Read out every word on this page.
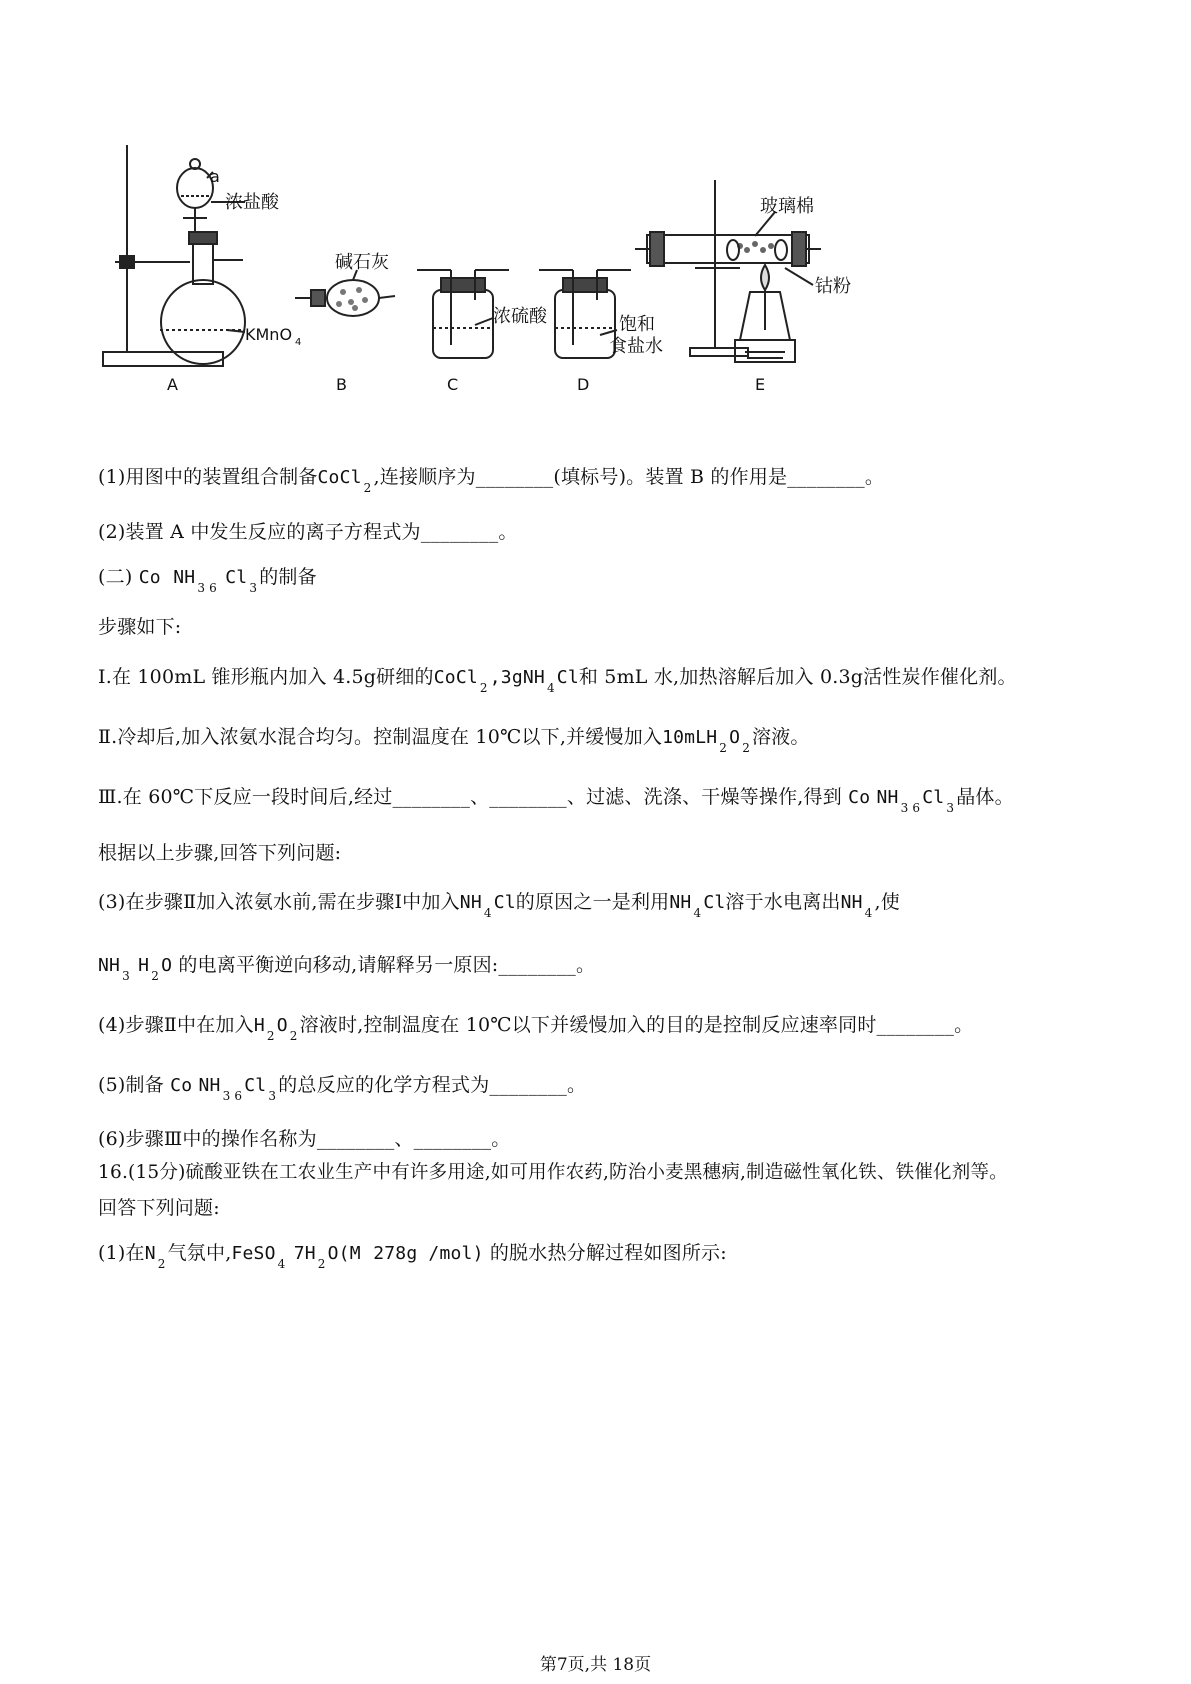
a
浓盐酸
KMnO 4
碱石灰
浓硫酸	饱和
食盐水
玻璃棉
钴粉
A	B	C	D	E
(1)用图中的装置组合制备CoCl 2 ,连接顺序为________(填标号)。装置 B 的作用是________。
(2)装置 A 中发生反应的离子方程式为________。
(二) Co NH 3 6 Cl 3 的制备
步骤如下:
Ⅰ.在 100mL 锥形瓶内加入 4.5g研细的CoCl 2 ,3gNH 4 Cl和 5mL 水,加热溶解后加入 0.3g活性炭作催化剂。
Ⅱ.冷却后,加入浓氨水混合均匀。控制温度在 10℃以下,并缓慢加入10mLH 2 O 2 溶液。
Ⅲ.在 60℃下反应一段时间后,经过________、________、过滤、洗涤、干燥等操作,得到 Co NH 3 6 Cl 3 晶体。
根据以上步骤,回答下列问题:
(3)在步骤Ⅱ加入浓氨水前,需在步骤Ⅰ中加入NH 4 Cl的原因之一是利用NH 4 Cl溶于水电离出NH 4 ,使
NH 3 H 2 O 的电离平衡逆向移动,请解释另一原因:________。
(4)步骤Ⅱ中在加入H 2 O 2 溶液时,控制温度在 10℃以下并缓慢加入的目的是控制反应速率同时________。
(5)制备 Co NH 3 6 Cl 3 的总反应的化学方程式为________。
(6)步骤Ⅲ中的操作名称为________、________。
16.(15分)硫酸亚铁在工农业生产中有许多用途,如可用作农药,防治小麦黑穗病,制造磁性氧化铁、铁催化剂等。
回答下列问题:
(1)在N 2 气氛中,FeSO 4 7H 2 O(M 278g /mol) 的脱水热分解过程如图所示:
第7页,共 18页
